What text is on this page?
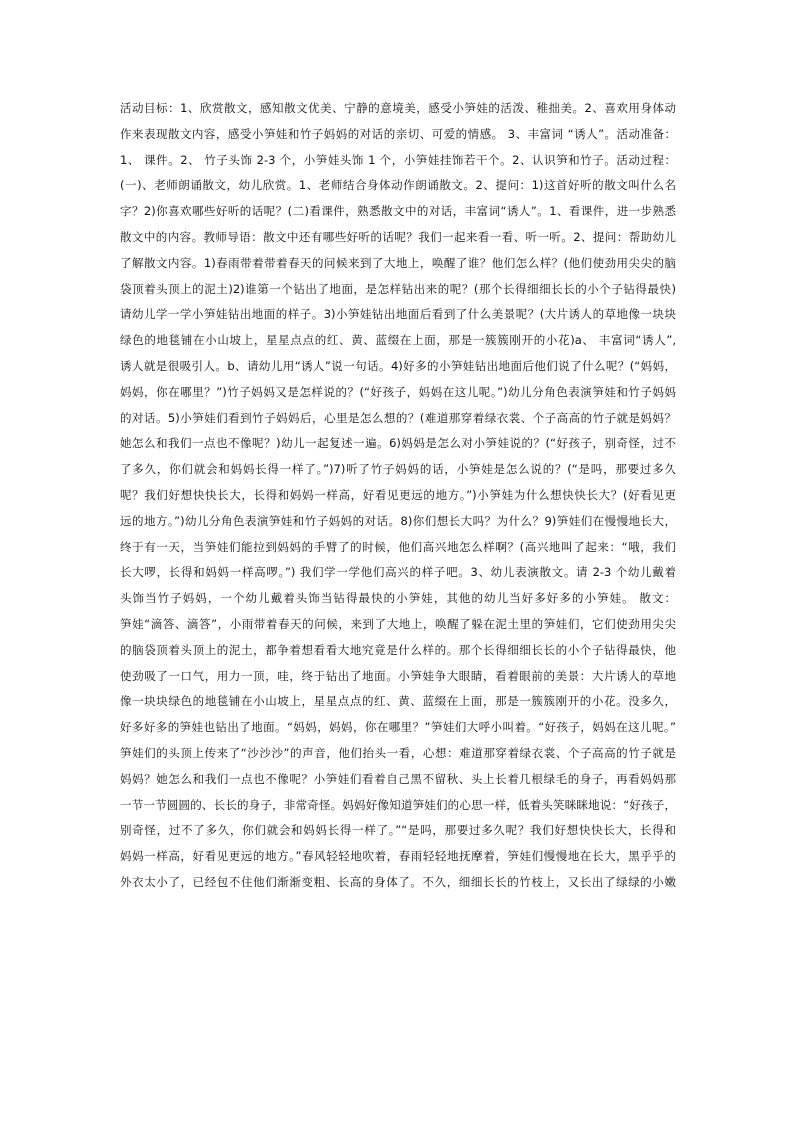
活动目标：1、欣赏散文，感知散文优美、宁静的意境美，感受小笋娃的活泼、稚拙美。2、喜欢用身体动
作来表现散文内容，感受小笋娃和竹子妈妈的对话的亲切、可爱的情感。 3、丰富词 “诱人”。活动准备：
1、 课件。2、 竹子头饰 2-3 个，小笋娃头饰 1 个，小笋娃挂饰若干个。2、认识笋和竹子。活动过程：
(一)、老师朗诵散文，幼儿欣赏。1、老师结合身体动作朗诵散文。2、提问：1)这首好听的散文叫什么名
字？2)你喜欢哪些好听的话呢？(二)看课件，熟悉散文中的对话，丰富词“诱人”。1、看课件，进一步熟悉
散文中的内容。教师导语：散文中还有哪些好听的话呢？我们一起来看一看、听一听。2、提问：帮助幼儿
了解散文内容。1)春雨带着带着春天的问候来到了大地上，唤醒了谁？他们怎么样？(他们使劲用尖尖的脑
袋顶着头顶上的泥土)2)谁第一个钻出了地面，是怎样钻出来的呢？(那个长得细细长长的小个子钻得最快)
请幼儿学一学小笋娃钻出地面的样子。3)小笋娃钻出地面后看到了什么美景呢？(大片诱人的草地像一块块
绿色的地毯铺在小山坡上，星星点点的红、黄、蓝缀在上面，那是一簇簇刚开的小花)a、 丰富词“诱人”,
诱人就是很吸引人。b、请幼儿用“诱人”说一句话。4)好多的小笋娃钻出地面后他们说了什么呢？(“妈妈，
妈妈，你在哪里？”)竹子妈妈又是怎样说的？(“好孩子，妈妈在这儿呢。”)幼儿分角色表演笋娃和竹子妈妈
的对话。5)小笋娃们看到竹子妈妈后，心里是怎么想的？(难道那穿着绿衣裳、个子高高的竹子就是妈妈？
她怎么和我们一点也不像呢？)幼儿一起复述一遍。6)妈妈是怎么对小笋娃说的？(“好孩子，别奇怪，过不
了多久，你们就会和妈妈长得一样了。”)7)听了竹子妈妈的话，小笋娃是怎么说的？(“是吗，那要过多久
呢？我们好想快快长大，长得和妈妈一样高，好看见更远的地方。”)小笋娃为什么想快快长大？(好看见更
远的地方。”)幼儿分角色表演笋娃和竹子妈妈的对话。8)你们想长大吗？为什么？9)笋娃们在慢慢地长大，
终于有一天，当笋娃们能拉到妈妈的手臂了的时候，他们高兴地怎么样啊？(高兴地叫了起来：“哦，我们
长大啰，长得和妈妈一样高啰。”) 我们学一学他们高兴的样子吧。3、幼儿表演散文。请 2-3 个幼儿戴着
头饰当竹子妈妈，一个幼儿戴着头饰当钻得最快的小笋娃，其他的幼儿当好多好多的小笋娃。 散文：
笋娃“滴答、滴答”，小雨带着春天的问候，来到了大地上，唤醒了躲在泥土里的笋娃们，它们使劲用尖尖
的脑袋顶着头顶上的泥土，都争着想看看大地究竟是什么样的。那个长得细细长长的小个子钻得最快，他
使劲吸了一口气，用力一顶，哇，终于钻出了地面。小笋娃争大眼睛，看着眼前的美景：大片诱人的草地
像一块块绿色的地毯铺在小山坡上，星星点点的红、黄、蓝缀在上面，那是一簇簇刚开的小花。没多久，
好多好多的笋娃也钻出了地面。“妈妈，妈妈，你在哪里？”笋娃们大呼小叫着。“好孩子，妈妈在这儿呢。”
笋娃们的头顶上传来了“沙沙沙”的声音，他们抬头一看，心想：难道那穿着绿衣裳、个子高高的竹子就是
妈妈？她怎么和我们一点也不像呢？小笋娃们看着自己黑不留秋、头上长着几根绿毛的身子，再看妈妈那
一节一节圆圆的、长长的身子，非常奇怪。妈妈好像知道笋娃们的心思一样，低着头笑眯眯地说：“好孩子，
别奇怪，过不了多久，你们就会和妈妈长得一样了。”“是吗，那要过多久呢？我们好想快快长大，长得和
妈妈一样高，好看见更远的地方。”春风轻轻地吹着，春雨轻轻地抚摩着，笋娃们慢慢地在长大，黑乎乎的
外衣太小了，已经包不住他们渐渐变粗、长高的身体了。不久，细细长长的竹枝上，又长出了绿绿的小嫩
